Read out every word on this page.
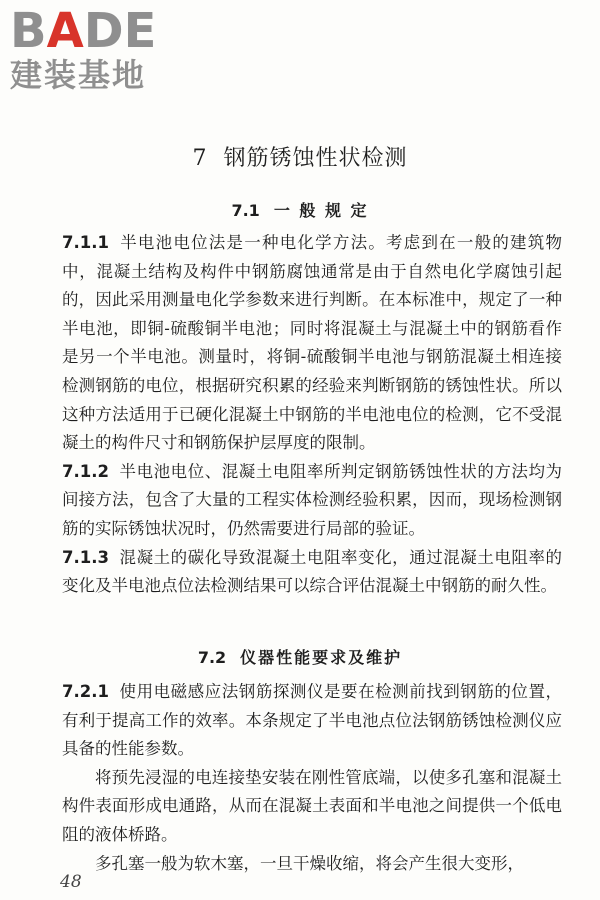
B A DE
建装基地
7 钢筋锈蚀性状检测
7.1 一 般 规 定

7.1.1 半电池电位法是一种电化学方法。考虑到在一般的建筑物中，混凝土结构及构件中钢筋腐蚀通常是由于自然电化学腐蚀引起的，因此采用测量电化学参数来进行判断。在本标准中，规定了一种半电池，即铜-硫酸铜半电池；同时将混凝土与混凝土中的钢筋看作是另一个半电池。测量时，将铜-硫酸铜半电池与钢筋混凝土相连接检测钢筋的电位，根据研究积累的经验来判断钢筋的锈蚀性状。所以这种方法适用于已硬化混凝土中钢筋的半电池电位的检测，它不受混凝土的构件尺寸和钢筋保护层厚度的限制。

7.1.2 半电池电位、混凝土电阻率所判定钢筋锈蚀性状的方法均为间接方法，包含了大量的工程实体检测经验积累，因而，现场检测钢筋的实际锈蚀状况时，仍然需要进行局部的验证。

7.1.3 混凝土的碳化导致混凝土电阻率变化，通过混凝土电阻率的变化及半电池点位法检测结果可以综合评估混凝土中钢筋的耐久性。

7.2 仪器性能要求及维护

7.2.1 使用电磁感应法钢筋探测仪是要在检测前找到钢筋的位置，有利于提高工作的效率。本条规定了半电池点位法钢筋锈蚀检测仪应具备的性能参数。

将预先浸湿的电连接垫安装在刚性管底端，以使多孔塞和混凝土构件表面形成电通路，从而在混凝土表面和半电池之间提供一个低电阻的液体桥路。

多孔塞一般为软木塞，一旦干燥收缩，将会产生很大变形，

48
